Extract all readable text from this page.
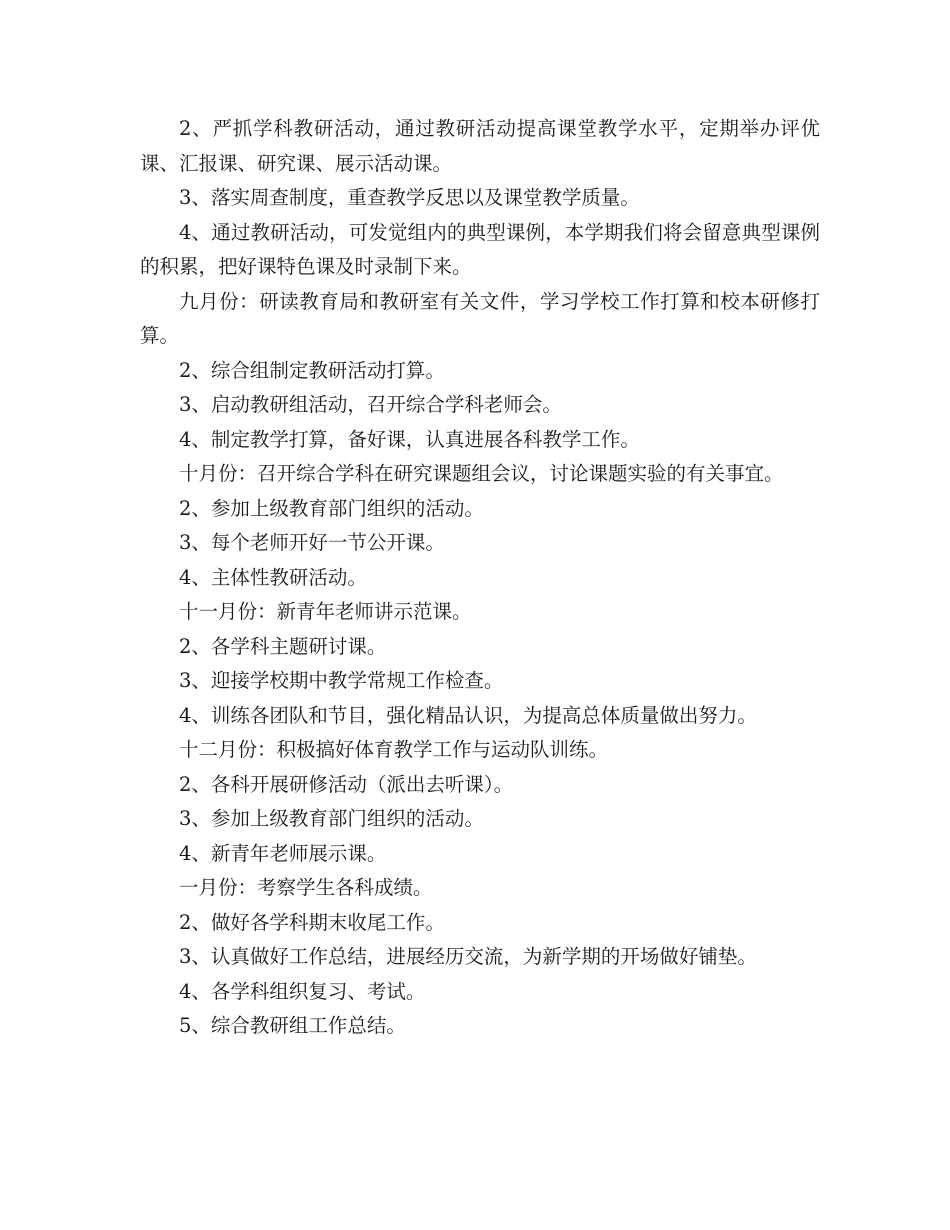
2、严抓学科教研活动，通过教研活动提高课堂教学水平，定期举办评优课、汇报课、研究课、展示活动课。

3、落实周查制度，重查教学反思以及课堂教学质量。

4、通过教研活动，可发觉组内的典型课例，本学期我们将会留意典型课例的积累，把好课特色课及时录制下来。

九月份：研读教育局和教研室有关文件，学习学校工作打算和校本研修打算。

2、综合组制定教研活动打算。

3、启动教研组活动，召开综合学科老师会。

4、制定教学打算，备好课，认真进展各科教学工作。

十月份：召开综合学科在研究课题组会议，讨论课题实验的有关事宜。

2、参加上级教育部门组织的活动。

3、每个老师开好一节公开课。

4、主体性教研活动。

十一月份：新青年老师讲示范课。

2、各学科主题研讨课。

3、迎接学校期中教学常规工作检查。

4、训练各团队和节目，强化精品认识，为提高总体质量做出努力。

十二月份：积极搞好体育教学工作与运动队训练。

2、各科开展研修活动（派出去听课）。

3、参加上级教育部门组织的活动。

4、新青年老师展示课。

一月份：考察学生各科成绩。

2、做好各学科期末收尾工作。

3、认真做好工作总结，进展经历交流，为新学期的开场做好铺垫。

4、各学科组织复习、考试。

5、综合教研组工作总结。
